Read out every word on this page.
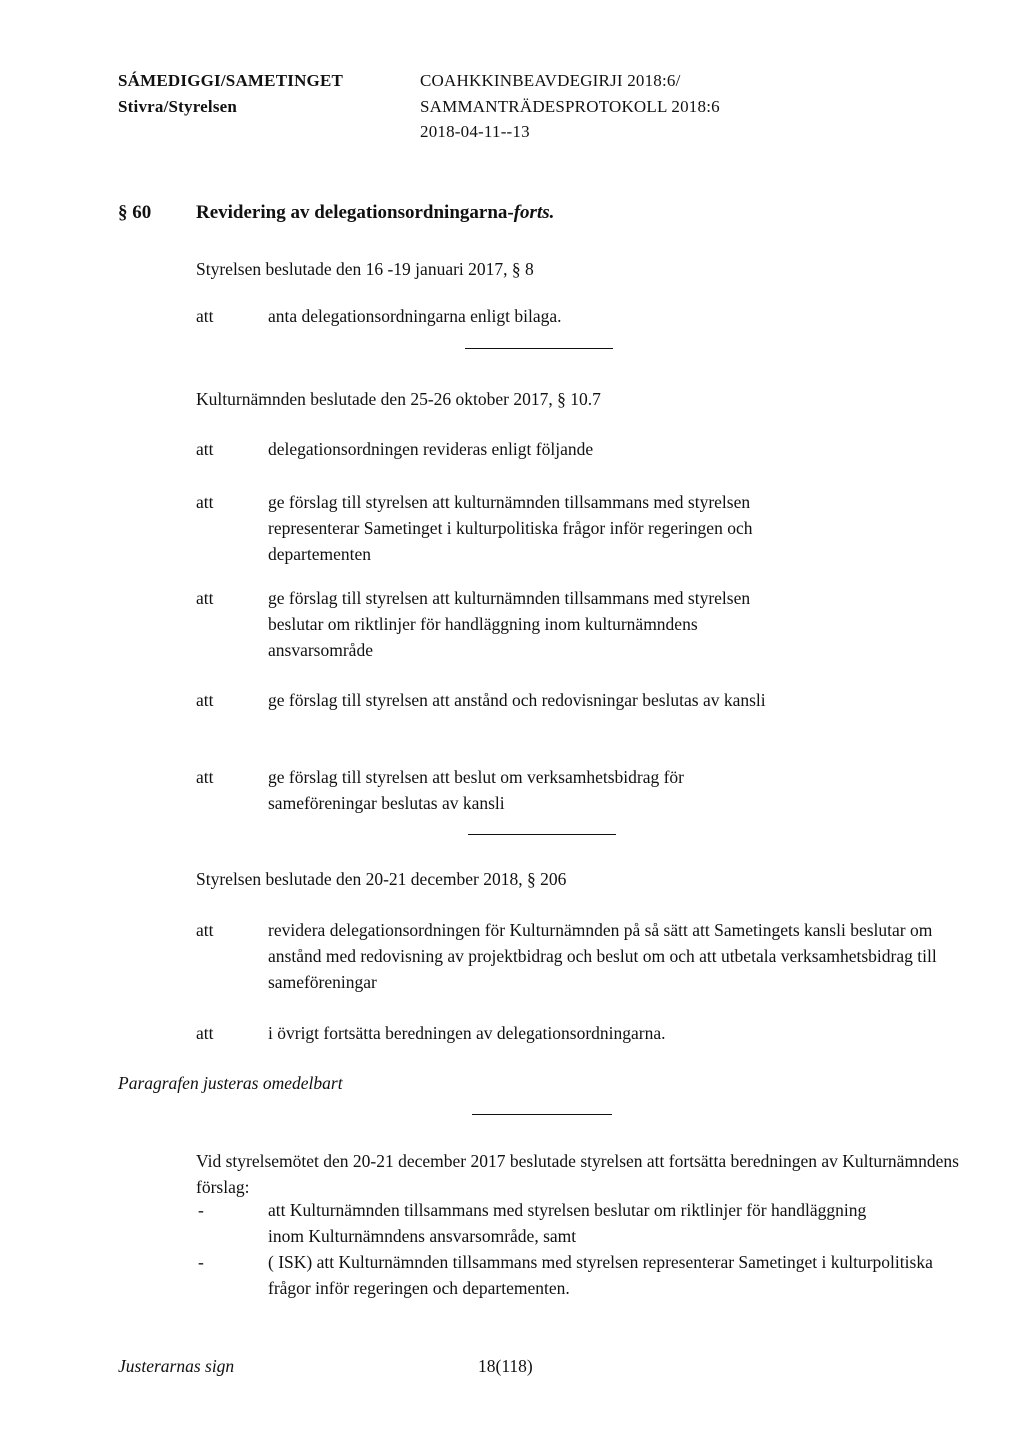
SÁMEDIGGI/SAMETINGET
Stivra/Styrelsen
COAHKKINBEAVDEGIRJI 2018:6/
SAMMANTRÄDESPROTOKOLL 2018:6
2018-04-11--13
§ 60 Revidering av delegationsordningarna-forts.
Styrelsen beslutade den 16 -19 januari 2017, § 8
att	anta delegationsordningarna enligt bilaga.
Kulturnämnden beslutade den 25-26 oktober 2017, § 10.7
att	delegationsordningen revideras enligt följande
att	ge förslag till styrelsen att kulturnämnden tillsammans med styrelsen representerar Sametinget i kulturpolitiska frågor inför regeringen och departementen
att	ge förslag till styrelsen att kulturnämnden tillsammans med styrelsen beslutar om riktlinjer för handläggning inom kulturnämndens ansvarsområde
att	ge förslag till styrelsen att anstånd och redovisningar beslutas av kansli
att	ge förslag till styrelsen att beslut om verksamhetsbidrag för sameföreningar beslutas av kansli
Styrelsen beslutade den 20-21 december 2018, § 206
att	revidera delegationsordningen för Kulturnämnden på så sätt att Sametingets kansli beslutar om anstånd med redovisning av projektbidrag och beslut om och att utbetala verksamhetsbidrag till sameföreningar
att	i övrigt fortsätta beredningen av delegationsordningarna.
Paragrafen justeras omedelbart
Vid styrelsemötet den 20-21 december 2017 beslutade styrelsen att fortsätta beredningen av Kulturnämndens förslag:
-	att Kulturnämnden tillsammans med styrelsen beslutar om riktlinjer för handläggning inom Kulturnämndens ansvarsområde, samt
-	( ISK) att Kulturnämnden tillsammans med styrelsen representerar Sametinget i kulturpolitiska frågor inför regeringen och departementen.
Justerarnas sign	18(118)
